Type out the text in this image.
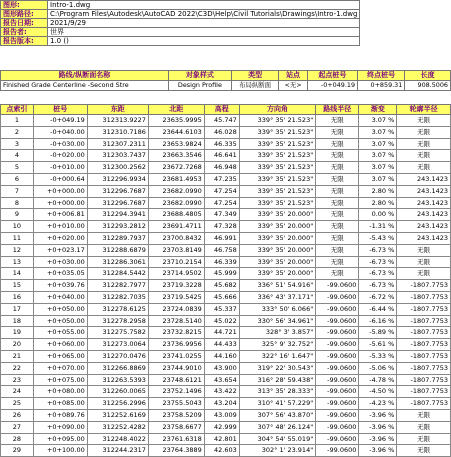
图形:	Intro-1.dwg
图形路径:	C:\Program Files\Autodesk\AutoCAD 2022\C3D\Help\Civil Tutorials\Drawings\Intro-1.dwg
报告日期:	2021/9/29
报告者:	世界
报告版本:	1.0 ()
路线/纵断面名称	对象样式	类型	站点	起点桩号	终点桩号	长度
Finished Grade Centerline -Second Stre	Design Profile	布局纵断面	<无>	-0+049.19	0+859.31	908.5006
点索引	桩号	东距	北距	高程	方向角	路线半径	渐变	轮廓半径
1	-0+049.19	312313.9227	23635.9995	45.747	339° 35' 21.523"	无限	3.07 %	无限
2	-0+040.00	312310.7186	23644.6103	46.028	339° 35' 21.523"	无限	3.07 %	无限
3	-0+030.00	312307.2311	23653.9824	46.335	339° 35' 21.523"	无限	3.07 %	无限
4	-0+020.00	312303.7437	23663.3546	46.641	339° 35' 21.523"	无限	3.07 %	无限
5	-0+010.00	312300.2562	23672.7268	46.948	339° 35' 21.523"	无限	3.07 %	无限
6	-0+000.64	312296.9934	23681.4953	47.235	339° 35' 21.523"	无限	3.07 %	243.1423
7	+0+000.00	312296.7687	23682.0990	47.254	339° 35' 21.523"	无限	2.80 %	243.1423
8	+0+000.00	312296.7687	23682.0990	47.254	339° 35' 21.523"	无限	2.80 %	243.1423
9	+0+006.81	312294.3941	23688.4805	47.349	339° 35' 20.000"	无限	0.00 %	243.1423
10	+0+010.00	312293.2812	23691.4711	47.328	339° 35' 20.000"	无限	-1.31 %	243.1423
11	+0+020.00	312289.7937	23700.8432	46.991	339° 35' 20.000"	无限	-5.43 %	243.1423
12	+0+023.17	312288.6879	23703.8149	46.758	339° 35' 20.000"	无限	-6.73 %	无限
13	+0+030.00	312286.3061	23710.2154	46.339	339° 35' 20.000"	无限	-6.73 %	无限
14	+0+035.05	312284.5442	23714.9502	45.999	339° 35' 20.000"	无限	-6.73 %	无限
15	+0+039.76	312282.7977	23719.3228	45.682	336° 51' 54.916"	-99.0600	-6.73 %	-1807.7753
16	+0+040.00	312282.7035	23719.5425	45.666	336° 43' 37.171"	-99.0600	-6.72 %	-1807.7753
17	+0+050.00	312278.6125	23724.0839	45.337	333° 50' 6.066"	-99.0600	-6.44 %	-1807.7753
18	+0+050.00	312278.2958	23728.5140	45.022	330° 56' 34.961"	-99.0600	-6.16 %	-1807.7753
19	+0+055.00	312275.7582	23732.8215	44.721	328° 3' 3.857"	-99.0600	-5.89 %	-1807.7753
20	+0+060.00	312273.0064	23736.9956	44.433	325° 9' 32.752"	-99.0600	-5.61 %	-1807.7753
21	+0+065.00	312270.0476	23741.0255	44.160	322° 16' 1.647"	-99.0600	-5.33 %	-1807.7753
22	+0+070.00	312266.8869	23744.9010	43.900	319° 22' 30.543"	-99.0600	-5.06 %	-1807.7753
23	+0+075.00	312263.5393	23748.6121	43.654	316° 28' 59.438"	-99.0600	-4.78 %	-1807.7753
24	+0+080.00	312260.0065	23752.1496	43.422	313° 35' 28.333"	-99.0600	-4.50 %	-1807.7753
25	+0+085.00	312256.2996	23755.5043	43.204	310° 41' 57.229"	-99.0600	-4.23 %	-1807.7753
26	+0+089.76	312252.6169	23758.5209	43.009	307° 56' 43.870"	-99.0600	-3.96 %	无限
27	+0+090.00	312252.4282	23758.6677	42.999	307° 48' 26.124"	-99.0600	-3.96 %	无限
28	+0+095.00	312248.4022	23761.6318	42.801	304° 54' 55.019"	-99.0600	-3.96 %	无限
29	+0+100.00	312244.2317	23764.3889	42.603	302° 1' 23.914"	-99.0600	-3.96 %	无限
